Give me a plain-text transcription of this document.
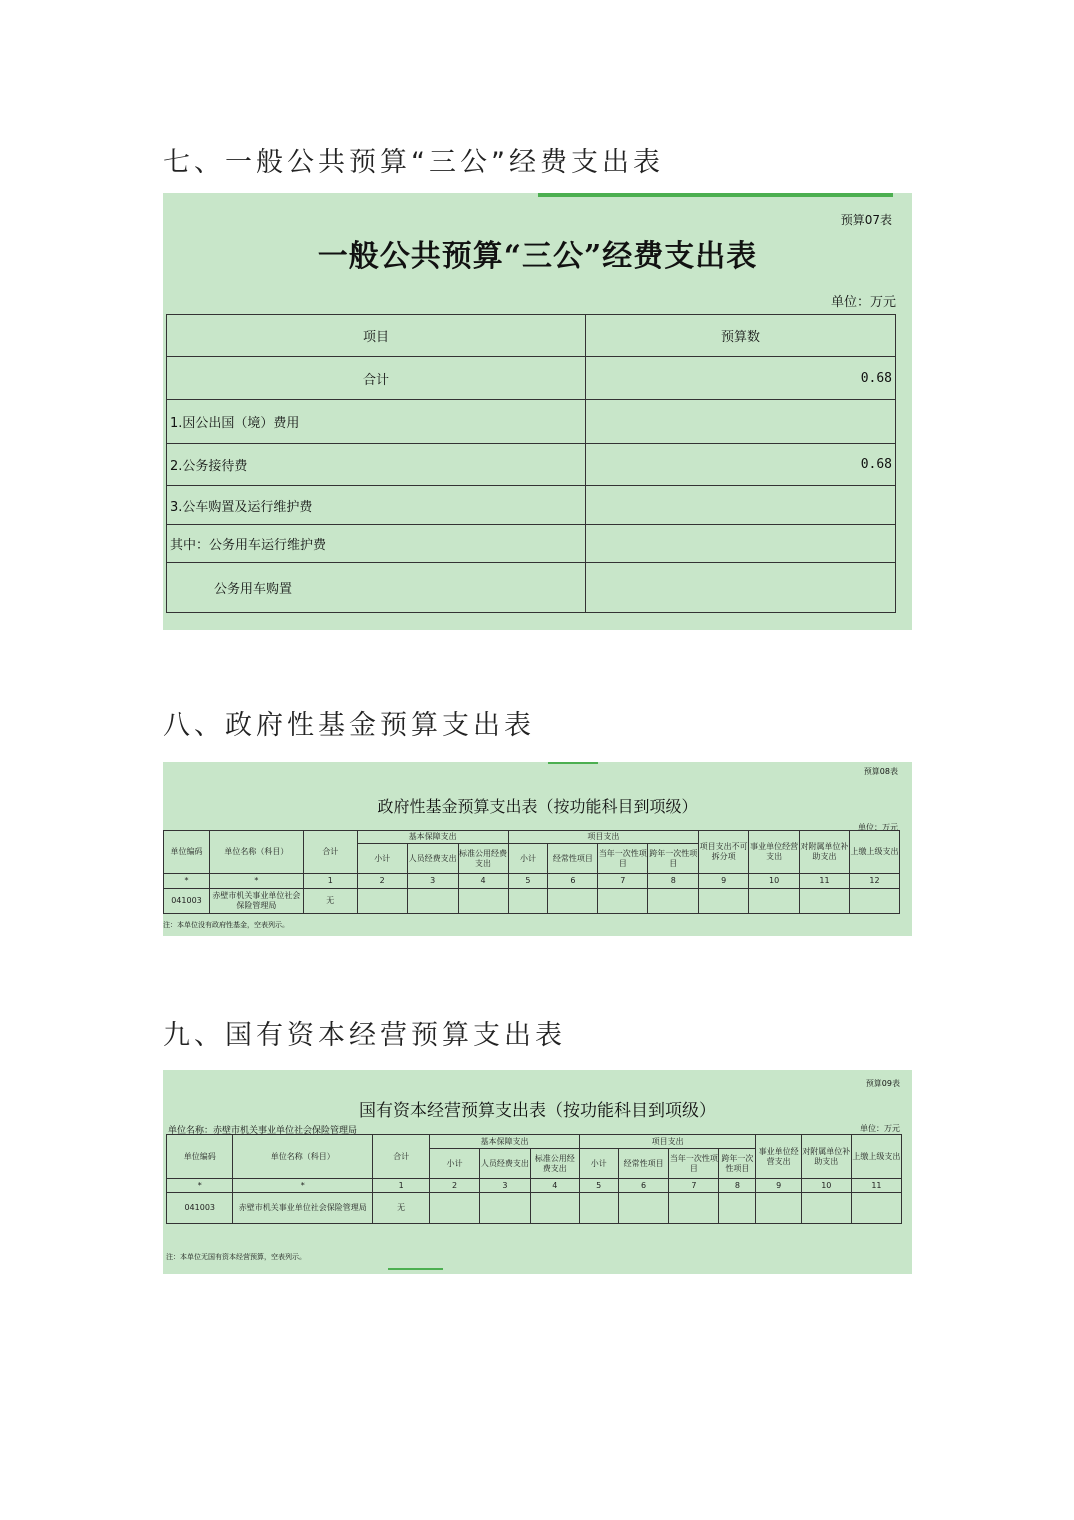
七、一般公共预算“三公”经费支出表
预算07表
一般公共预算“三公”经费支出表
单位：万元
项目	预算数
合计	0.68
1.因公出国（境）费用	
2.公务接待费	0.68
3.公车购置及运行维护费	
其中：公务用车运行维护费	
公务用车购置	
八、政府性基金预算支出表
预算08表
政府性基金预算支出表（按功能科目到项级）
单位：万元
单位编码	单位名称（科目）	合计	基本保障支出			项目支出				项目支出不可拆分项	事业单位经营支出	对附属单位补助支出	上缴上级支出
			小计	人员经费支出	标准公用经费支出	小计	经常性项目	当年一次性项目	跨年一次性项目				
*	*	1	2	3	4	5	6	7	8	9	10	11	12
041003	赤壁市机关事业单位社会保险管理局	无											
注：本单位没有政府性基金，空表列示。
九、国有资本经营预算支出表
预算09表
国有资本经营预算支出表（按功能科目到项级）
单位名称：赤壁市机关事业单位社会保险管理局	单位：万元
单位编码	单位名称（科目）	合计	基本保障支出			项目支出				事业单位经营支出	对附属单位补助支出	上缴上级支出
			小计	人员经费支出	标准公用经费支出	小计	经常性项目	当年一次性项目	跨年一次性项目			
*	*	1	2	3	4	5	6	7	8	9	10	11
041003	赤壁市机关事业单位社会保险管理局	无										
注：本单位无国有资本经营预算，空表列示。
